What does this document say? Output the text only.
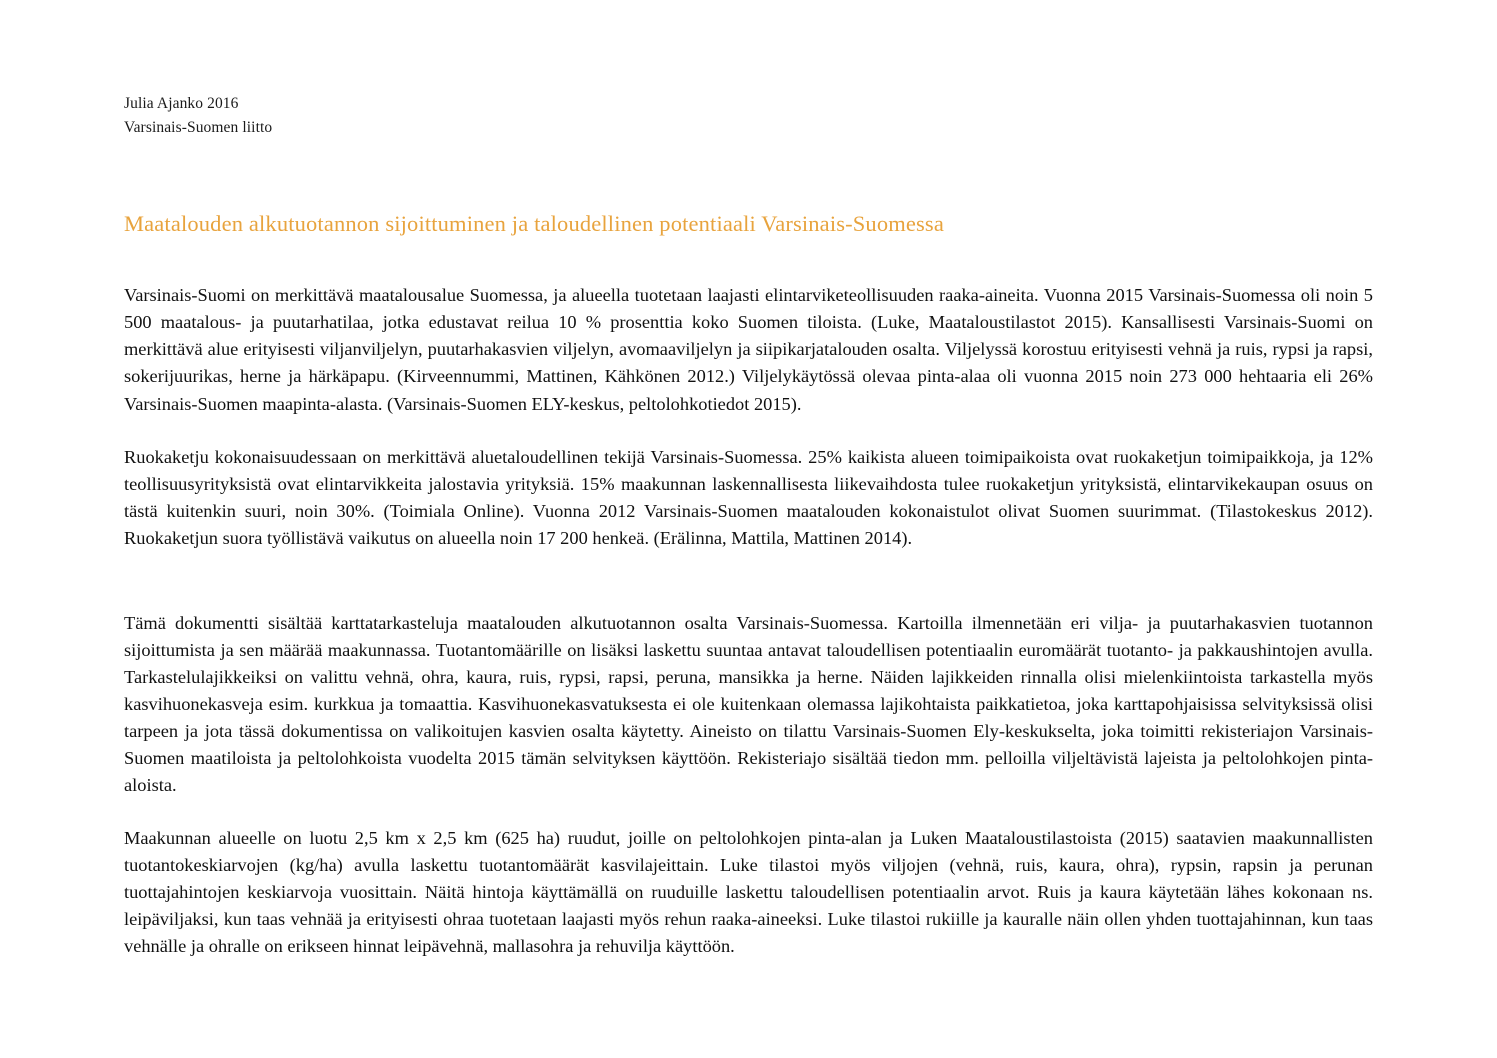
Julia Ajanko 2016
Varsinais-Suomen liitto
Maatalouden alkutuotannon sijoittuminen ja taloudellinen potentiaali Varsinais-Suomessa

Varsinais-Suomi on merkittävä maatalousalue Suomessa, ja alueella tuotetaan laajasti elintarviketeollisuuden raaka-aineita. Vuonna 2015 Varsinais-Suomessa oli noin 5 500 maatalous- ja puutarhatilaa, jotka edustavat reiluа 10 % prosenttia koko Suomen tiloista. (Luke, Maataloustilastot 2015). Kansallisesti Varsinais-Suomi on merkittävä alue erityisesti viljanviljelyn, puutarhakasvien viljelyn, avomaaviljelyn ja siipikarjatalouden osalta. Viljelyssä korostuu erityisesti vehnä ja ruis, rypsi ja rapsi, sokerijuurikas, herne ja härkäpapu. (Kirveennummi, Mattinen, Kähkönen 2012.) Viljelykäytössä olevaa pinta-alaa oli vuonna 2015 noin 273 000 hehtaaria eli 26% Varsinais-Suomen maapinta-alasta. (Varsinais-Suomen ELY-keskus, peltolohkotiedot 2015).

Ruokaketju kokonaisuudessaan on merkittävä aluetaloudellinen tekijä Varsinais-Suomessa. 25% kaikista alueen toimipaikoista ovat ruokaketjun toimipaikkoja, ja 12% teollisuusyrityksistä ovat elintarvikkeita jalostavia yrityksiä. 15% maakunnan laskennallisesta liikevaihdosta tulee ruokaketjun yrityksistä, elintarvikekaupan osuus on tästä kuitenkin suuri, noin 30%. (Toimiala Online). Vuonna 2012 Varsinais-Suomen maatalouden kokonaistulot olivat Suomen suurimmat. (Tilastokeskus 2012). Ruokaketjun suora työllistävä vaikutus on alueella noin 17 200 henkeä. (Erälinna, Mattila, Mattinen 2014).

Tämä dokumentti sisältää karttatarkasteluja maatalouden alkutuotannon osalta Varsinais-Suomessa. Kartoilla ilmennetään eri vilja- ja puutarhakasvien tuotannon sijoittumista ja sen määrää maakunnassa. Tuotantomäärille on lisäksi laskettu suuntaa antavat taloudellisen potentiaalin euromäärät tuotanto- ja pakkaushintojen avulla. Tarkastelulajikkeiksi on valittu vehnä, ohra, kaura, ruis, rypsi, rapsi, peruna, mansikka ja herne. Näiden lajikkeiden rinnalla olisi mielenkiintoista tarkastella myös kasvihuonekasveja esim. kurkkua ja tomaattia. Kasvihuonekasvatuksesta ei ole kuitenkaan olemassa lajikohtaista paikkatietoa, joka karttapohjaisissa selvityksissä olisi tarpeen ja jota tässä dokumentissa on valikoitujen kasvien osalta käytetty. Aineisto on tilattu Varsinais-Suomen Ely-keskukselta, joka toimitti rekisteriajon Varsinais-Suomen maatiloista ja peltolohkoista vuodelta 2015 tämän selvityksen käyttöön. Rekisteriajo sisältää tiedon mm. pelloilla viljeltävistä lajeista ja peltolohkojen pinta-aloista.

Maakunnan alueelle on luotu 2,5 km x 2,5 km (625 ha) ruudut, joille on peltolohkojen pinta-alan ja Luken Maataloustilastoista (2015) saatavien maakunnallisten tuotantokeskiarvojen (kg/ha) avulla laskettu tuotantomäärät kasvilajeittain. Luke tilastoi myös viljojen (vehnä, ruis, kaura, ohra), rypsin, rapsin ja perunan tuottajahintojen keskiarvoja vuosittain. Näitä hintoja käyttämällä on ruuduille laskettu taloudellisen potentiaalin arvot. Ruis ja kaura käytetään lähes kokonaan ns. leipäviljaksi, kun taas vehnää ja erityisesti ohraa tuotetaan laajasti myös rehun raaka-aineeksi. Luke tilastoi rukiille ja kauralle näin ollen yhden tuottajahinnan, kun taas vehnälle ja ohralle on erikseen hinnat leipävehnä, mallasohra ja rehuvilja käyttöön.
